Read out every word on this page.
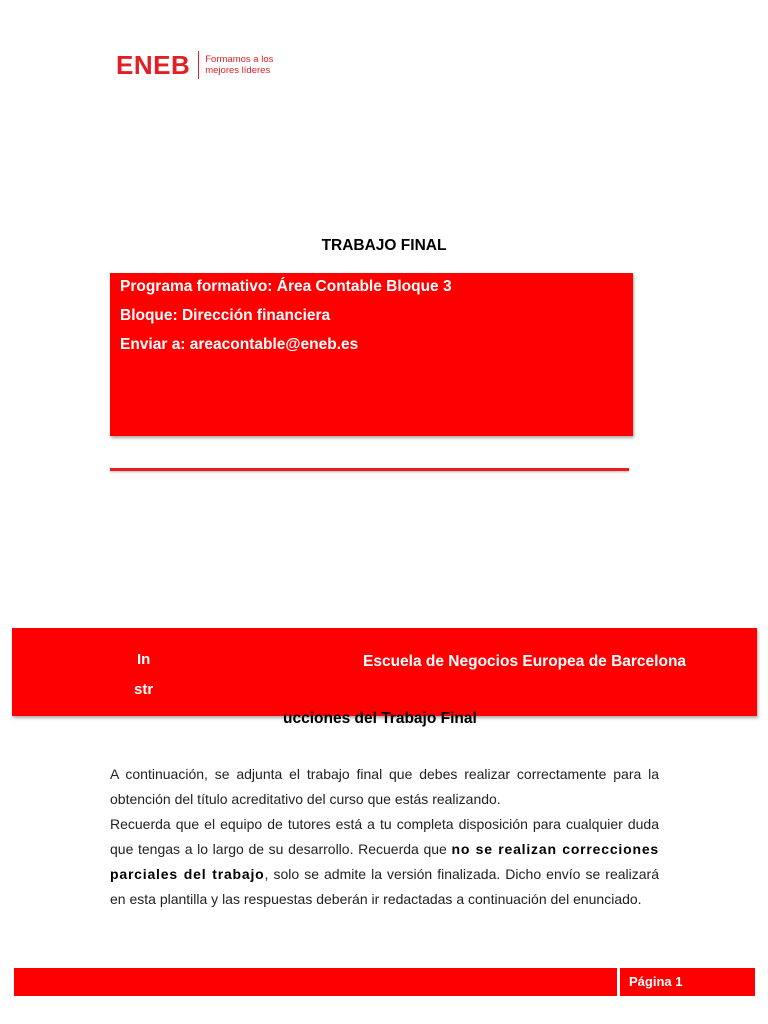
ENEB Formamos a los
mejores líderes
TRABAJO FINAL
Programa formativo: Área Contable Bloque 3
Bloque: Dirección financiera
Enviar a: areacontable@eneb.es
In
str
Escuela de Negocios Europea de Barcelona
ucciones del Trabajo Final

A continuación, se adjunta el trabajo final que debes realizar correctamente para la obtención del título acreditativo del curso que estás realizando.

Recuerda que el equipo de tutores está a tu completa disposición para cualquier duda que tengas a lo largo de su desarrollo. Recuerda que no se realizan correcciones parciales del trabajo, solo se admite la versión finalizada. Dicho envío se realizará en esta plantilla y las respuestas deberán ir redactadas a continuación del enunciado.

Página 1
